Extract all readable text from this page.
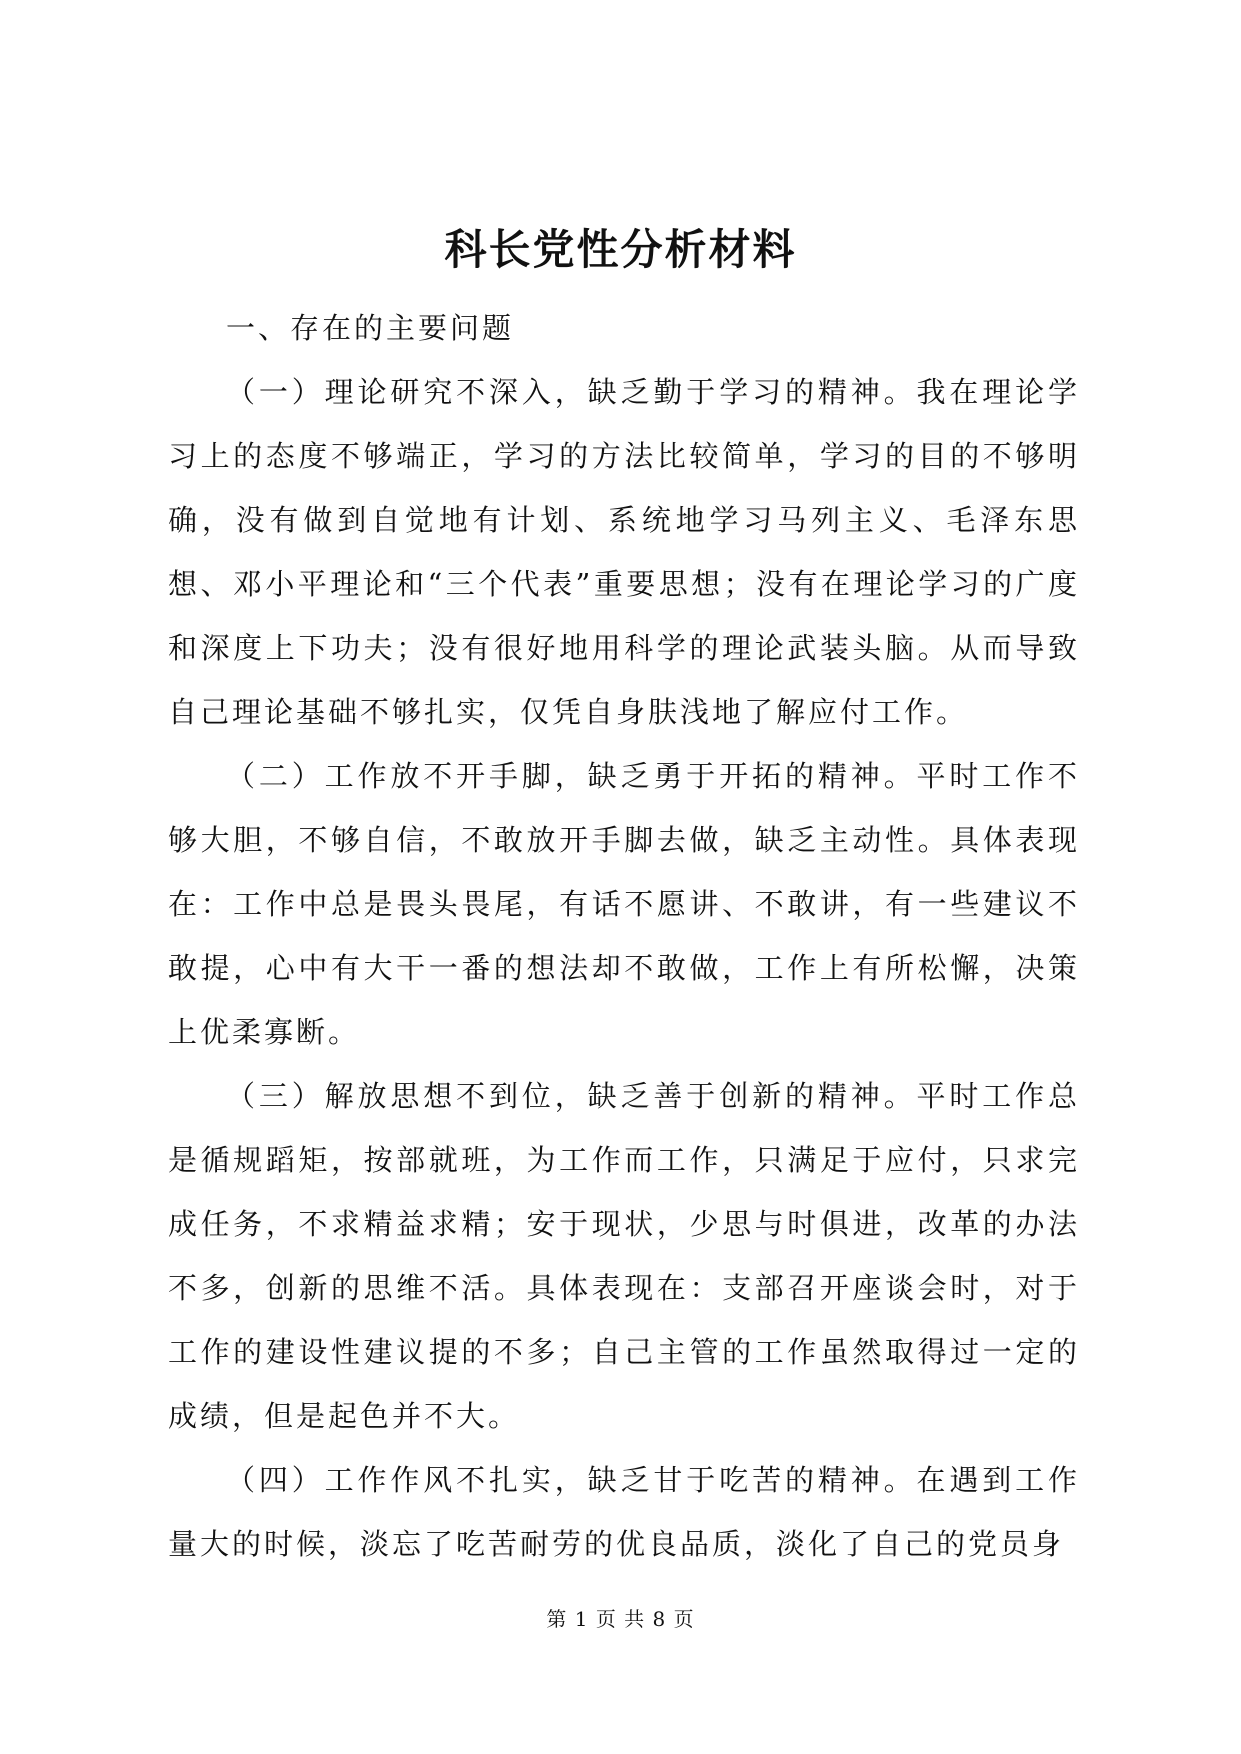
科长党性分析材料

一、存在的主要问题

（一）理论研究不深入，缺乏勤于学习的精神。我在理论学习上的态度不够端正，学习的方法比较简单，学习的目的不够明确，没有做到自觉地有计划、系统地学习马列主义、毛泽东思想、邓小平理论和“三个代表”重要思想；没有在理论学习的广度和深度上下功夫；没有很好地用科学的理论武装头脑。从而导致自己理论基础不够扎实，仅凭自身肤浅地了解应付工作。

（二）工作放不开手脚，缺乏勇于开拓的精神。平时工作不够大胆，不够自信，不敢放开手脚去做，缺乏主动性。具体表现在：工作中总是畏头畏尾，有话不愿讲、不敢讲，有一些建议不敢提，心中有大干一番的想法却不敢做，工作上有所松懈，决策上优柔寡断。

（三）解放思想不到位，缺乏善于创新的精神。平时工作总是循规蹈矩，按部就班，为工作而工作，只满足于应付，只求完成任务，不求精益求精；安于现状，少思与时俱进，改革的办法不多，创新的思维不活。具体表现在：支部召开座谈会时，对于工作的建设性建议提的不多；自己主管的工作虽然取得过一定的成绩，但是起色并不大。

（四）工作作风不扎实，缺乏甘于吃苦的精神。在遇到工作量大的时候，淡忘了吃苦耐劳的优良品质，淡化了自己的党员身

第 1 页 共 8 页
